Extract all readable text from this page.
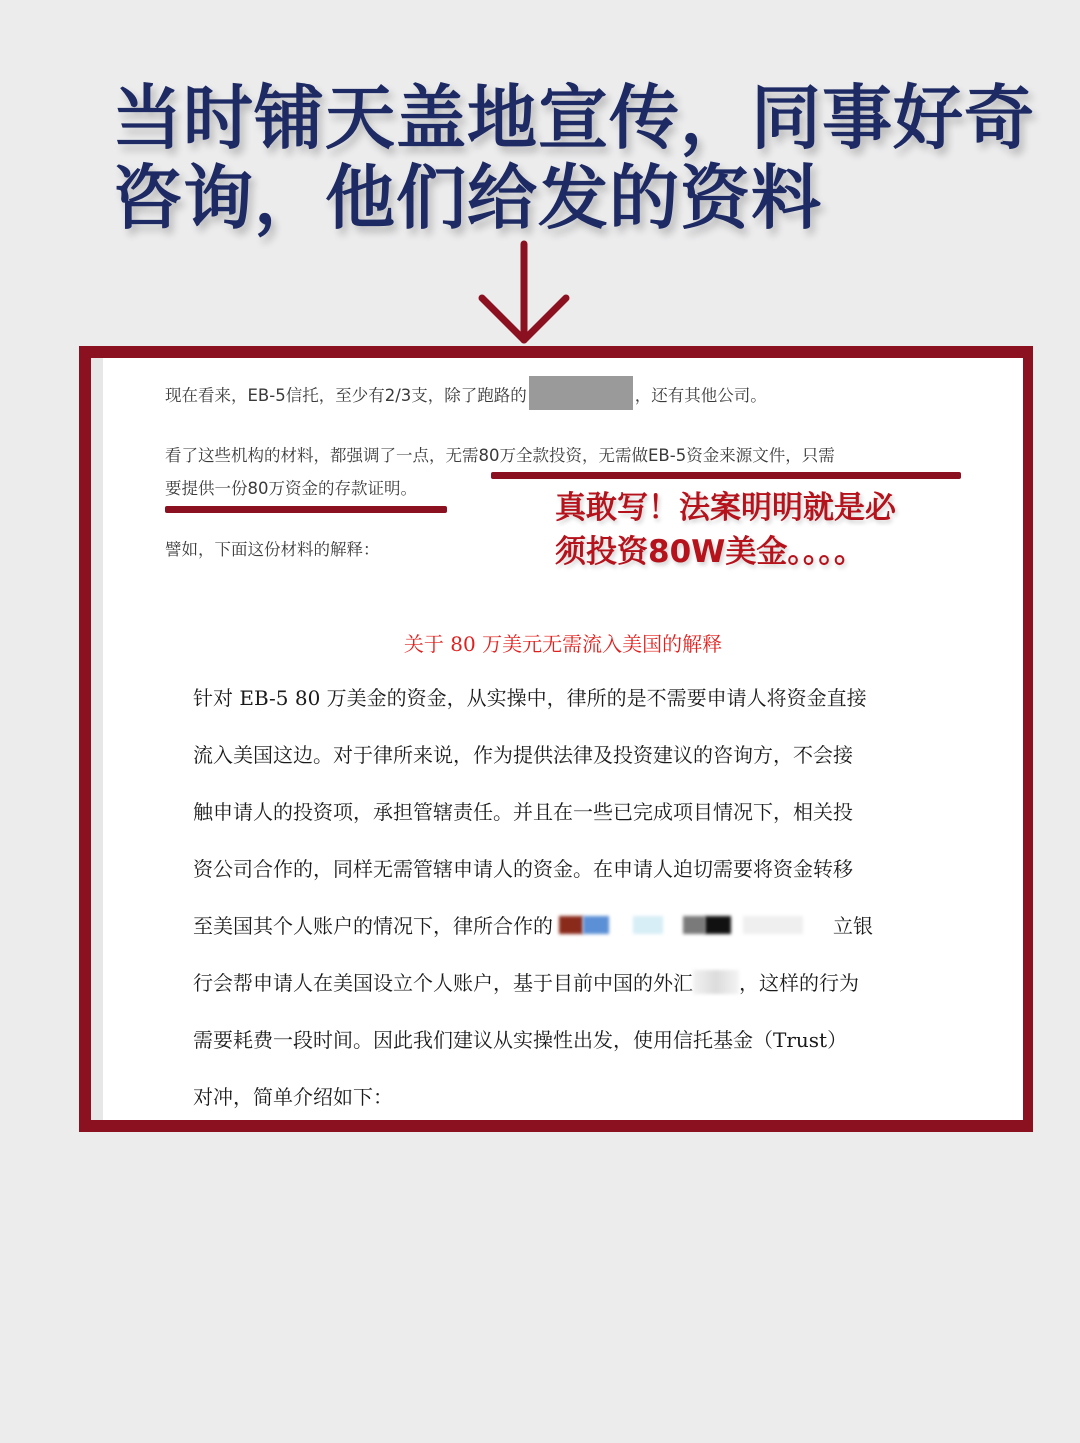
当时铺天盖地宣传，同事好奇
咨询，他们给发的资料

现在看来，EB-5信托，至少有2/3支，除了跑路的	，还有其他公司。

看了这些机构的材料，都强调了一点，无需80万全款投资，无需做EB-5资金来源文件，只需

要提供一份80万资金的存款证明。

真敢写！法案明明就是必
须投资80W美金。。。。

譬如，下面这份材料的解释：

关于 80 万美元无需流入美国的解释

针对 EB-5 80 万美金的资金，从实操中，律所的是不需要申请人将资金直接
流入美国这边。对于律所来说，作为提供法律及投资建议的咨询方，不会接
触申请人的投资项，承担管辖责任。并且在一些已完成项目情况下，相关投
资公司合作的，同样无需管辖申请人的资金。在申请人迫切需要将资金转移
至美国其个人账户的情况下，律所合作的	立银
行会帮申请人在美国设立个人账户，基于目前中国的外汇 ，这样的行为
需要耗费一段时间。因此我们建议从实操性出发，使用信托基金（Trust）
对冲，简单介绍如下：
